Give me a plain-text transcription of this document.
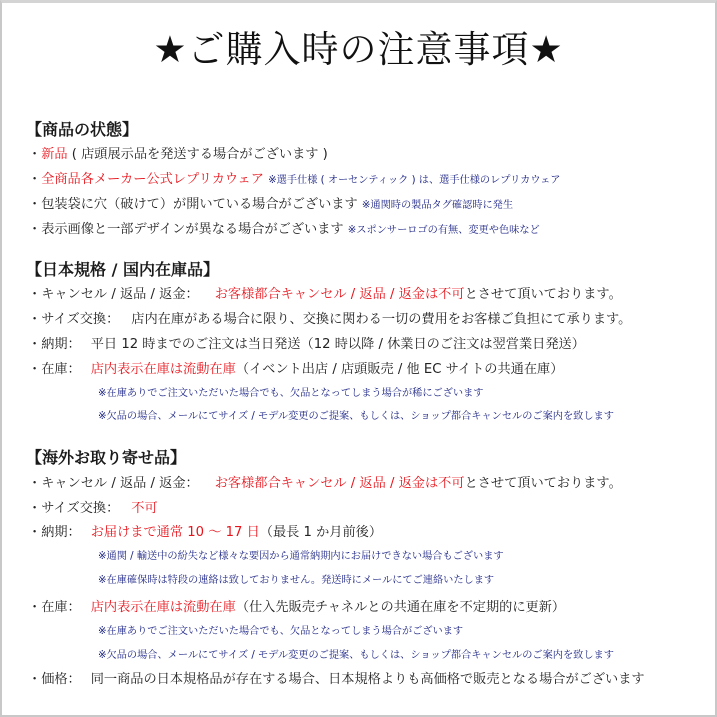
★ご購入時の注意事項★
【商品の状態】
・新品 ( 店頭展示品を発送する場合がございます )
・全商品各メーカー公式レプリカウェア ※選手仕様 ( オーセンティック ) は、選手仕様のレプリカウェア
・包装袋に穴（破けて）が開いている場合がございます ※通関時の製品タグ確認時に発生
・表示画像と一部デザインが異なる場合がございます ※スポンサーロゴの有無、変更や色味など
【日本規格 / 国内在庫品】
・キャンセル / 返品 / 返金： お客様都合キャンセル / 返品 / 返金は不可とさせて頂いております。
・サイズ交換： 店内在庫がある場合に限り、交換に関わる一切の費用をお客様ご負担にて承ります。
・納期： 平日 12 時までのご注文は当日発送（12 時以降 / 休業日のご注文は翌営業日発送）
・在庫： 店内表示在庫は流動在庫（イベント出店 / 店頭販売 / 他 EC サイトの共通在庫）
※在庫ありでご注文いただいた場合でも、欠品となってしまう場合が稀にございます
※欠品の場合、メールにてサイズ / モデル変更のご提案、もしくは、ショップ都合キャンセルのご案内を致します
【海外お取り寄せ品】
・キャンセル / 返品 / 返金： お客様都合キャンセル / 返品 / 返金は不可とさせて頂いております。
・サイズ交換： 不可
・納期： お届けまで通常 10 ～ 17 日（最長 1 か月前後）
※通関 / 輸送中の紛失など様々な要因から通常納期内にお届けできない場合もございます
※在庫確保時は特段の連絡は致しておりません。発送時にメールにてご連絡いたします
・在庫： 店内表示在庫は流動在庫（仕入先販売チャネルとの共通在庫を不定期的に更新）
※在庫ありでご注文いただいた場合でも、欠品となってしまう場合がございます
※欠品の場合、メールにてサイズ / モデル変更のご提案、もしくは、ショップ都合キャンセルのご案内を致します
・価格： 同一商品の日本規格品が存在する場合、日本規格よりも高価格で販売となる場合がございます
